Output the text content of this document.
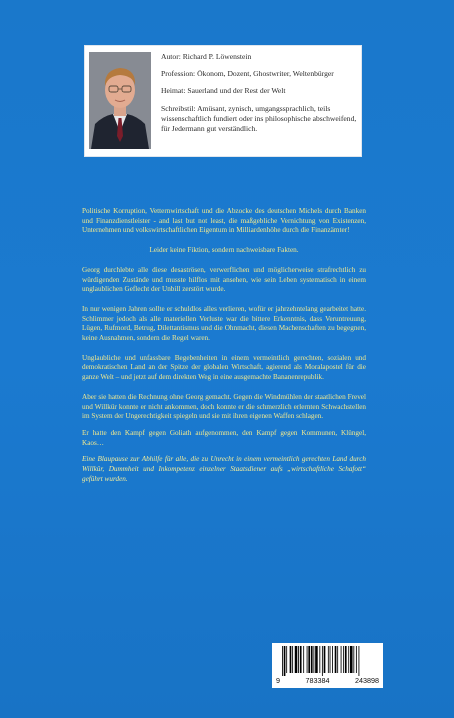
Autor: Richard P. Löwenstein
Profession: Ökonom, Dozent, Ghostwriter, Weltenbürger
Heimat: Sauerland und der Rest der Welt
Schreibstil: Amüsant, zynisch, umgangssprachlich, teils wissenschaftlich fundiert oder ins philosophische abschweifend, für Jedermann gut verständlich.

Politische Korruption, Vetternwirtschaft und die Abzocke des deutschen Michels durch Banken und Finanzdienstleister - and last but not least, die maßgebliche Vernichtung von Existenzen, Unternehmen und volkswirtschaftlichen Eigentum in Milliardenhöhe durch die Finanzämter!

Leider keine Fiktion, sondern nachweisbare Fakten.

Georg durchlebte alle diese desaströsen, verwerflichen und möglicherweise strafrechtlich zu würdigenden Zustände und musste hilflos mit ansehen, wie sein Leben systematisch in einem unglaublichen Geflecht der Unbill zerstört wurde.

In nur wenigen Jahren sollte er schuldlos alles verlieren, wofür er jahrzehntelang gearbeitet hatte. Schlimmer jedoch als alle materiellen Verluste war die bittere Erkenntnis, dass Veruntreuung, Lügen, Rufmord, Betrug, Dilettantismus und die Ohnmacht, diesen Machenschaften zu begegnen, keine Ausnahmen, sondern die Regel waren.

Unglaubliche und unfassbare Begebenheiten in einem vermeintlich gerechten, sozialen und demokratischen Land an der Spitze der globalen Wirtschaft, agierend als Moralapostel für die ganze Welt – und jetzt auf dem direkten Weg in eine ausgemachte Bananenrepublik.

Aber sie hatten die Rechnung ohne Georg gemacht. Gegen die Windmühlen der staatlichen Frevel und Willkür konnte er nicht ankommen, doch konnte er die schmerzlich erlernten Schwachstellen im System der Ungerechtigkeit spiegeln und sie mit ihren eigenen Waffen schlagen.

Er hatte den Kampf gegen Goliath aufgenommen, den Kampf gegen Kommunen, Klüngel, Kaos…

Eine Blaupause zur Abhilfe für alle, die zu Unrecht in einem vermeintlich gerechten Land durch Willkür, Dummheit und Inkompetenz einzelner Staatsdiener aufs „wirtschaftliche Schafott“ geführt wurden.

9	783384	243898
